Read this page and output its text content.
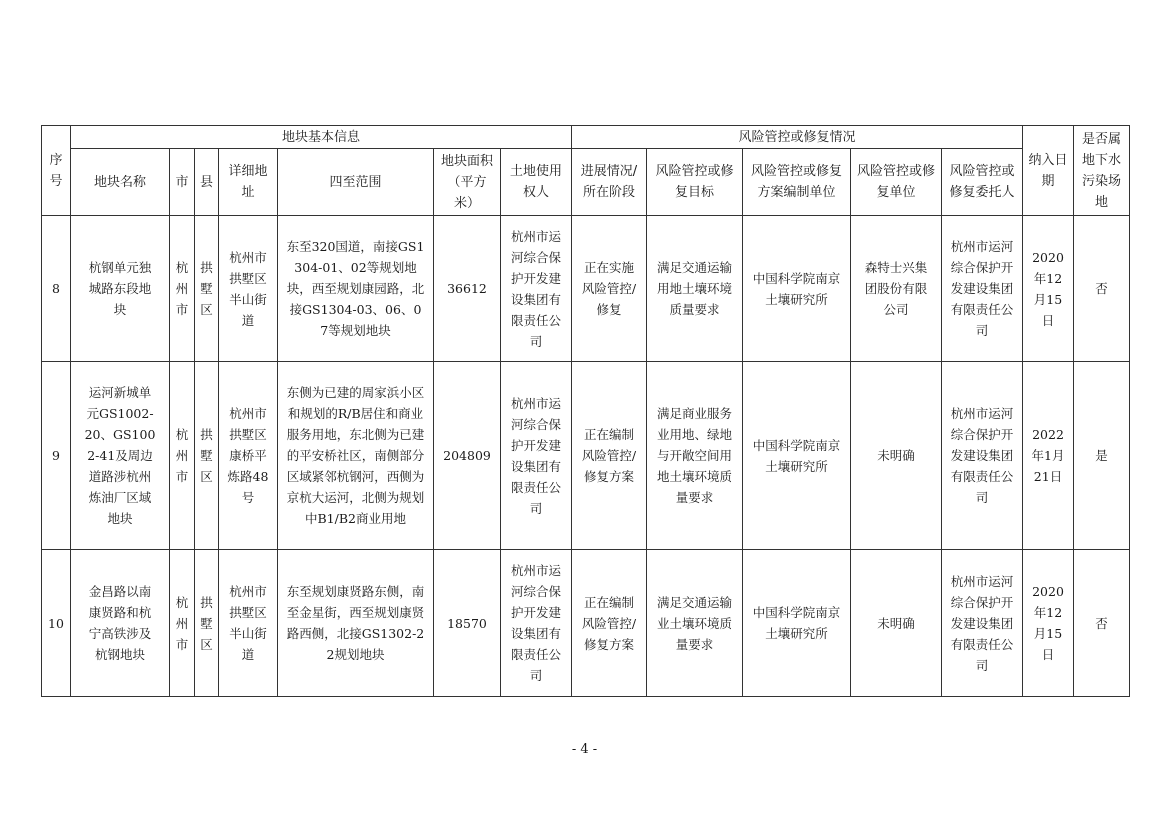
序号	地块基本信息							风险管控或修复情况					纳入日期	是否属地下水污染场地
	地块名称	市	县	详细地址	四至范围	地块面积（平方米）	土地使用权人	进展情况/所在阶段	风险管控或修复目标	风险管控或修复方案编制单位	风险管控或修复单位	风险管控或修复委托人		
8	杭钢单元独城路东段地块	杭州市	拱墅区	杭州市拱墅区半山街道	东至320国道，南接GS1304-01、02等规划地块，西至规划康园路，北接GS1304-03、06、07等规划地块	36612	杭州市运河综合保护开发建设集团有限责任公司	正在实施风险管控/修复	满足交通运输用地土壤环境质量要求	中国科学院南京土壤研究所	森特士兴集团股份有限公司	杭州市运河综合保护开发建设集团有限责任公司	2020年12月15日	否
9	运河新城单元GS1002-20、GS1002-41及周边道路涉杭州炼油厂区域地块	杭州市	拱墅区	杭州市拱墅区康桥平炼路48号	东侧为已建的周家浜小区和规划的R/B居住和商业服务用地，东北侧为已建的平安桥社区，南侧部分区域紧邻杭钢河，西侧为京杭大运河，北侧为规划中B1/B2商业用地	204809	杭州市运河综合保护开发建设集团有限责任公司	正在编制风险管控/修复方案	满足商业服务业用地、绿地与开敞空间用地土壤环境质量要求	中国科学院南京土壤研究所	未明确	杭州市运河综合保护开发建设集团有限责任公司	2022年1月21日	是
10	金昌路以南康贤路和杭宁高铁涉及杭钢地块	杭州市	拱墅区	杭州市拱墅区半山街道	东至规划康贤路东侧，南至金星街，西至规划康贤路西侧，北接GS1302-22规划地块	18570	杭州市运河综合保护开发建设集团有限责任公司	正在编制风险管控/修复方案	满足交通运输业土壤环境质量要求	中国科学院南京土壤研究所	未明确	杭州市运河综合保护开发建设集团有限责任公司	2020年12月15日	否
- 4 -
